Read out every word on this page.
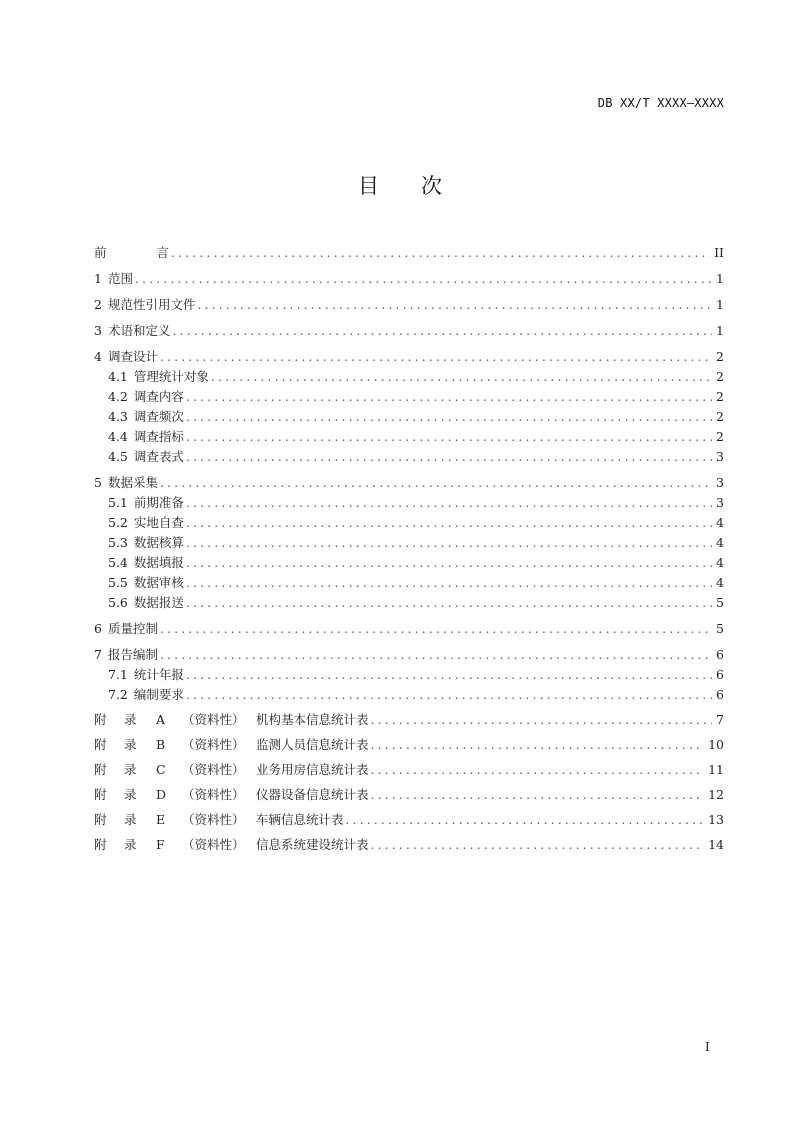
DB XX/T XXXX—XXXX
目 次
前	言 .....	II
1 范围 .....	1
2 规范性引用文件 .....	1
3 术语和定义 .....	1
4 调查设计 .....	2
4.1 管理统计对象 .....	2
4.2 调查内容 .....	2
4.3 调查频次 .....	2
4.4 调查指标 .....	2
4.5 调查表式 .....	3
5 数据采集 .....	3
5.1 前期准备 .....	3
5.2 实地自查 .....	4
5.3 数据核算 .....	4
5.4 数据填报 .....	4
5.5 数据审核 .....	4
5.6 数据报送 .....	5
6 质量控制 .....	5
7 报告编制 .....	6
7.1 统计年报 .....	6
7.2 编制要求 .....	6
附 录 A （资料性） 机构基本信息统计表 .....	7
附 录 B （资料性） 监测人员信息统计表 .....	10
附 录 C （资料性） 业务用房信息统计表 .....	11
附 录 D （资料性） 仪器设备信息统计表 .....	12
附 录 E （资料性） 车辆信息统计表 .....	13
附 录 F （资料性） 信息系统建设统计表 .....	14
I
